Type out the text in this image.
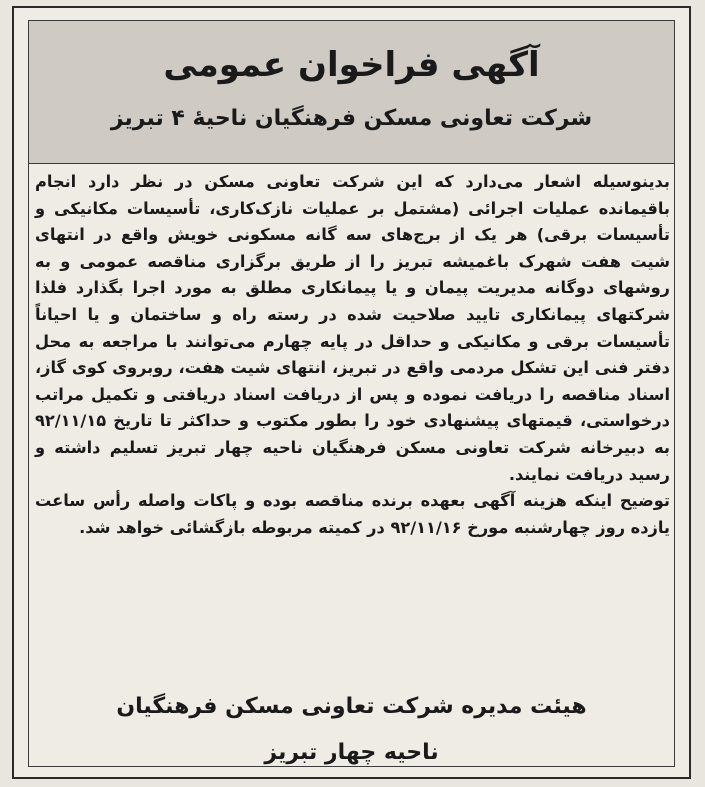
آگهی فراخوان عمومی
شرکت تعاونی مسکن فرهنگیان ناحیهٔ ۴ تبریز

بدینوسیله اشعار می‌دارد که این شرکت تعاونی مسکن در نظر دارد انجام باقیمانده عملیات اجرائی (مشتمل بر عملیات نازک‌کاری، تأسیسات مکانیکی و تأسیسات برقی) هر یک از برج‌های سه گانه مسکونی خویش واقع در انتهای شیت هفت شهرک باغمیشه تبریز را از طریق برگزاری مناقصه عمومی و به روشهای دوگانه مدیریت پیمان و یا پیمانکاری مطلق به مورد اجرا بگذارد فلذا شرکتهای پیمانکاری تایید صلاحیت شده در رسته راه و ساختمان و یا احیاناً تأسیسات برقی و مکانیکی و حداقل در پایه چهارم می‌توانند با مراجعه به محل دفتر فنی این تشکل مردمی واقع در تبریز، انتهای شیت هفت، روبروی کوی گاز، اسناد مناقصه را دریافت نموده و پس از دریافت اسناد دریافتی و تکمیل مراتب درخواستی، قیمتهای پیشنهادی خود را بطور مکتوب و حداکثر تا تاریخ ۹۲/۱۱/۱۵ به دبیرخانه شرکت تعاونی مسکن فرهنگیان ناحیه چهار تبریز تسلیم داشته و رسید دریافت نمایند.

توضیح اینکه هزینه آگهی بعهده برنده مناقصه بوده و پاکات واصله رأس ساعت یازده روز چهارشنبه مورخ ۹۲/۱۱/۱۶ در کمیته مربوطه بازگشائی خواهد شد.

هیئت مدیره شرکت تعاونی مسکن فرهنگیان
ناحیه چهار تبریز
